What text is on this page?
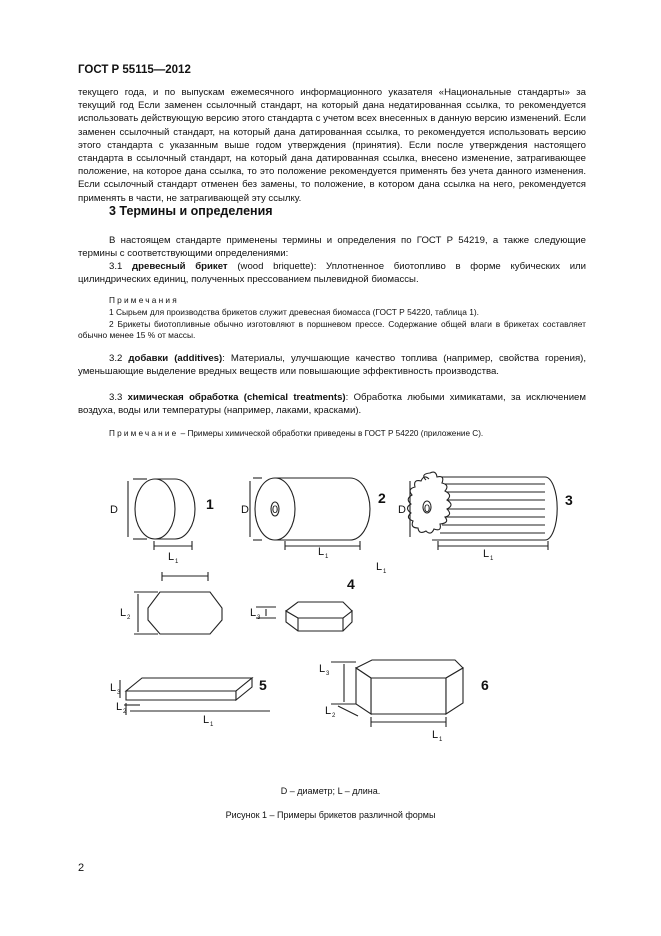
ГОСТ Р 55115—2012

текущего года, и по выпускам ежемесячного информационного указателя «Национальные стандарты» за текущий год Если заменен ссылочный стандарт, на который дана недатированная ссылка, то рекомендуется использовать действующую версию этого стандарта с учетом всех внесенных в данную версию изменений. Если заменен ссылочный стандарт, на который дана датированная ссылка, то рекомендуется использовать версию этого стандарта с указанным выше годом утверждения (принятия). Если после утверждения настоящего стандарта в ссылочный стандарт, на который дана датированная ссылка, внесено изменение, затрагивающее положение, на которое дана ссылка, то это положение рекомендуется применять без учета данного изменения. Если ссылочный стандарт отменен без замены, то положение, в котором дана ссылка на него, рекомендуется применять в части, не затрагивающей эту ссылку.

3 Термины и определения

В настоящем стандарте применены термины и определения по ГОСТ Р 54219, а также следующие термины с соответствующими определениями:

3.1 древесный брикет (wood briquette): Уплотненное биотопливо в форме кубических или цилиндрических единиц, полученных прессованием пылевидной биомассы.

Примечания

1 Сырьем для производства брикетов служит древесная биомасса (ГОСТ Р 54220, таблица 1).

2 Брикеты биотопливные обычно изготовляют в поршневом прессе. Содержание общей влаги в брикетах составляет обычно менее 15 % от массы.

3.2 добавки (additives): Материалы, улучшающие качество топлива (например, свойства горения), уменьшающие выделение вредных веществ или повышающие эффективность производства.

3.3 химическая обработка (chemical treatments): Обработка любыми химикатами, за исключением воздуха, воды или температуры (например, лаками, красками).

Примечание – Примеры химической обработки приведены в ГОСТ Р 54220 (приложение С).
D
L 1
1 D 0
L 1
2
D 0
L 1
3
L 1
L 2	L 3
4
L 3
L 2
L 1
5
L 3
L 2
L 1
6
D – диаметр; L – длина.
Рисунок 1 – Примеры брикетов различной формы
2
